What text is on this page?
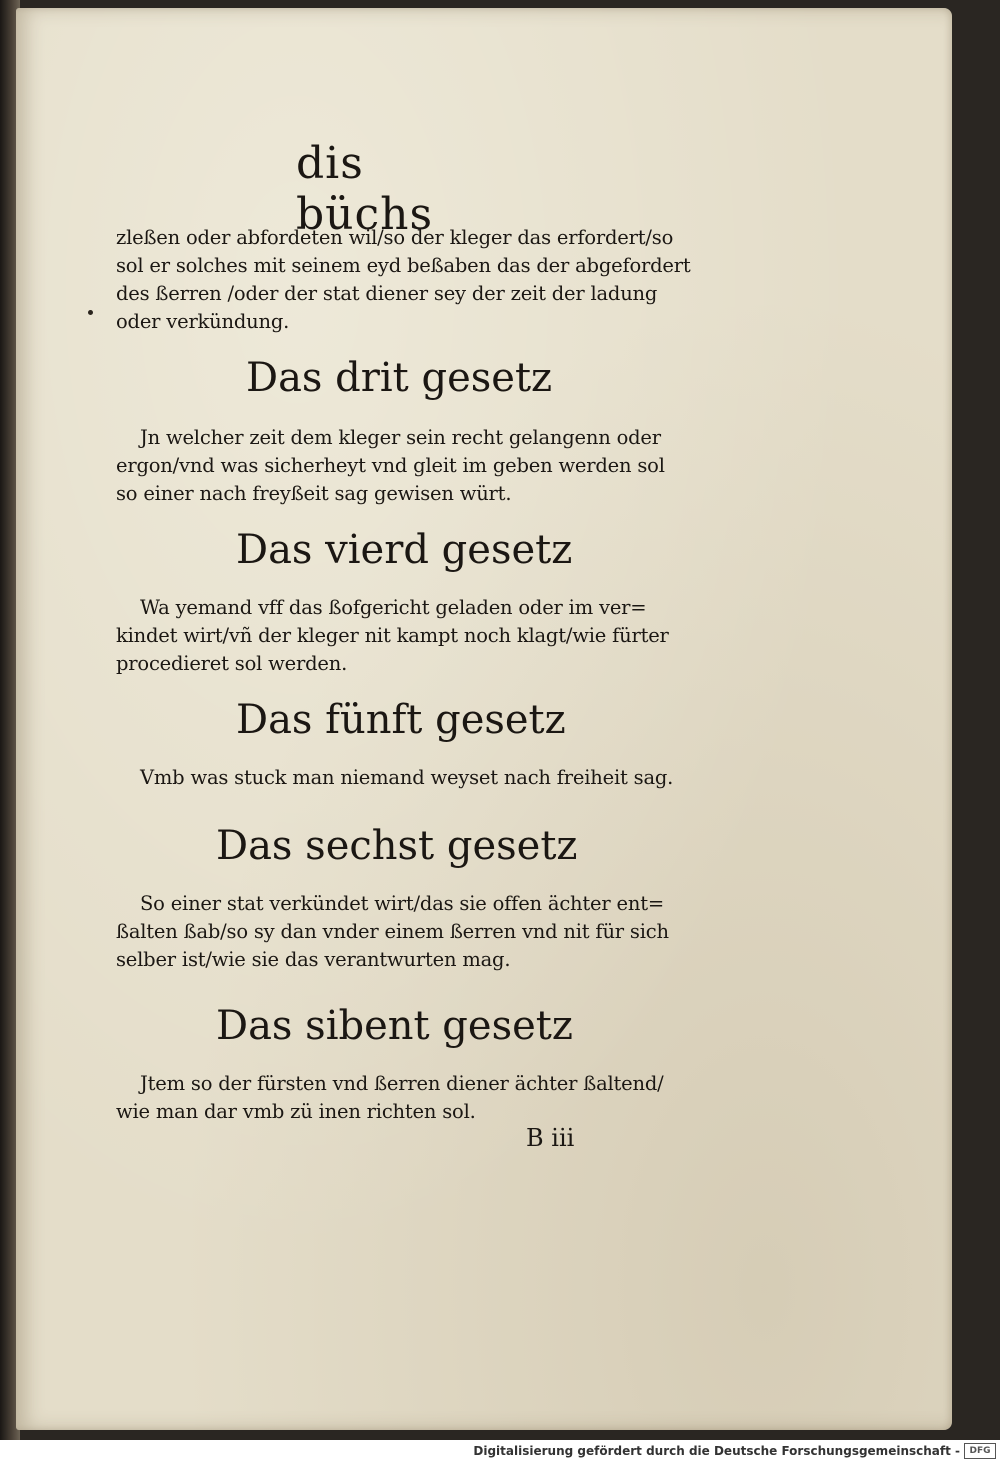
dis büchs
zleßen oder abfordeten wil/so der kleger das erfordert/so
sol er solches mit seinem eyd beßaben das der abgefordert
des ßerren /oder der stat diener sey der zeit der ladung
oder verkündung.
Das drit gesetz
Jn welcher zeit dem kleger sein recht gelangenn oder
ergon/vnd was sicherheyt vnd gleit im geben werden sol
so einer nach freyßeit sag gewisen würt.
Das vierd gesetz
Wa yemand vff das ßofgericht geladen oder im ver=
kindet wirt/vñ der kleger nit kampt noch klagt/wie fürter
procedieret sol werden.
Das fünft gesetz
Vmb was stuck man niemand weyset nach freiheit sag.
Das sechst gesetz
So einer stat verkündet wirt/das sie offen ächter ent=
ßalten ßab/so sy dan vnder einem ßerren vnd nit für sich
selber ist/wie sie das verantwurten mag.
Das sibent gesetz
Jtem so der fürsten vnd ßerren diener ächter ßaltend/
wie man dar vmb zü inen richten sol.
B iii
Digitalisierung gefördert durch die Deutsche Forschungsgemeinschaft -	DFG
